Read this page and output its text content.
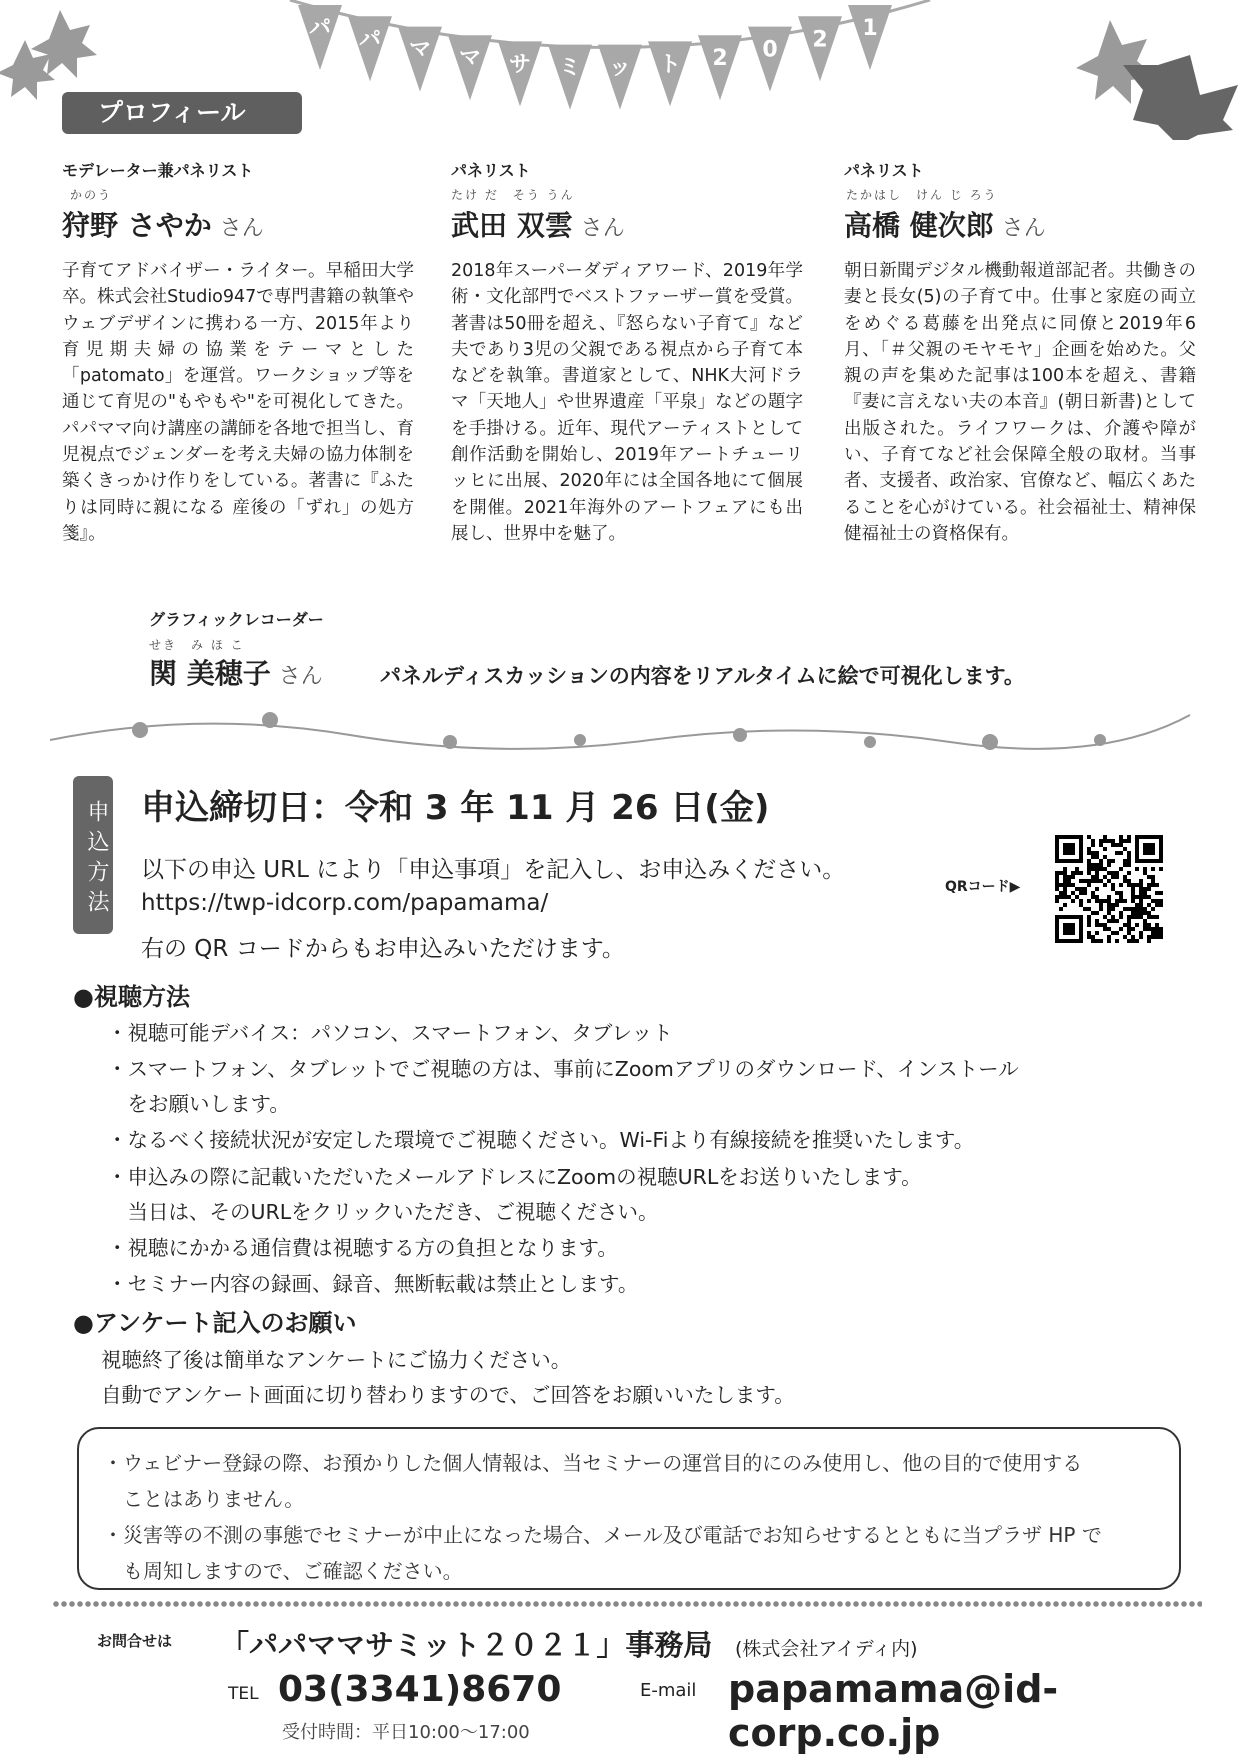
パ パ マ マ サ ミ ッ ト 2 0 2 1
プロフィール
モデレーター兼パネリスト
かのう
狩野 さやか さん
子育てアドバイザー・ライター。早稲田大学卒。株式会社Studio947で専門書籍の執筆やウェブデザインに携わる一方、2015年より育児期夫婦の協業をテーマとした「patomato」を運営。ワークショップ等を通じて育児の"もやもや"を可視化してきた。パパママ向け講座の講師を各地で担当し、育児視点でジェンダーを考え夫婦の協力体制を築くきっかけ作りをしている。著書に『ふたりは同時に親になる 産後の「ずれ」の処方箋』。
パネリスト
たけ だ　そう うん
武田 双雲 さん
2018年スーパーダディアワード、2019年学術・文化部門でベストファーザー賞を受賞。著書は50冊を超え、『怒らない子育て』など夫であり3児の父親である視点から子育て本などを執筆。書道家として、NHK大河ドラマ「天地人」や世界遺産「平泉」などの題字を手掛ける。近年、現代アーティストとして創作活動を開始し、2019年アートチューリッヒに出展、2020年には全国各地にて個展を開催。2021年海外のアートフェアにも出展し、世界中を魅了。
パネリスト
たかはし　けん じ ろう
高橋 健次郎 さん
朝日新聞デジタル機動報道部記者。共働きの妻と長女(5)の子育て中。仕事と家庭の両立をめぐる葛藤を出発点に同僚と2019年6月、「＃父親のモヤモヤ」企画を始めた。父親の声を集めた記事は100本を超え、書籍『妻に言えない夫の本音』(朝日新書)として出版された。ライフワークは、介護や障がい、子育てなど社会保障全般の取材。当事者、支援者、政治家、官僚など、幅広くあたることを心がけている。社会福祉士、精神保健福祉士の資格保有。
グラフィックレコーダー
せき　み ほ こ
関 美穂子 さん	パネルディスカッションの内容をリアルタイムに絵で可視化します。
申込方法 申込締切日：令和 3 年 11 月 26 日(金)
以下の申込 URL により「申込事項」を記入し、お申込みください。
https://twp-idcorp.com/papamama/
右の QR コードからもお申込みいただけます。
QRコード▶
●視聴方法
・視聴可能デバイス：パソコン、スマートフォン、タブレット
・スマートフォン、タブレットでご視聴の方は、事前にZoomアプリのダウンロード、インストール
　をお願いします。
・なるべく接続状況が安定した環境でご視聴ください。Wi-Fiより有線接続を推奨いたします。
・申込みの際に記載いただいたメールアドレスにZoomの視聴URLをお送りいたします。
　当日は、そのURLをクリックいただき、ご視聴ください。
・視聴にかかる通信費は視聴する方の負担となります。
・セミナー内容の録画、録音、無断転載は禁止とします。
●アンケート記入のお願い
視聴終了後は簡単なアンケートにご協力ください。
自動でアンケート画面に切り替わりますので、ご回答をお願いいたします。
・ウェビナー登録の際、お預かりした個人情報は、当セミナーの運営目的にのみ使用し、他の目的で使用する
　ことはありません。
・災害等の不測の事態でセミナーが中止になった場合、メール及び電話でお知らせするとともに当プラザ HP で
　も周知しますので、ご確認ください。
お問合せは 「パパママサミット２０２１」事務局 (株式会社アイディ内)
TEL 03(3341)8670	E-mail papamama@id-corp.co.jp
受付時間：平日10:00〜17:00
